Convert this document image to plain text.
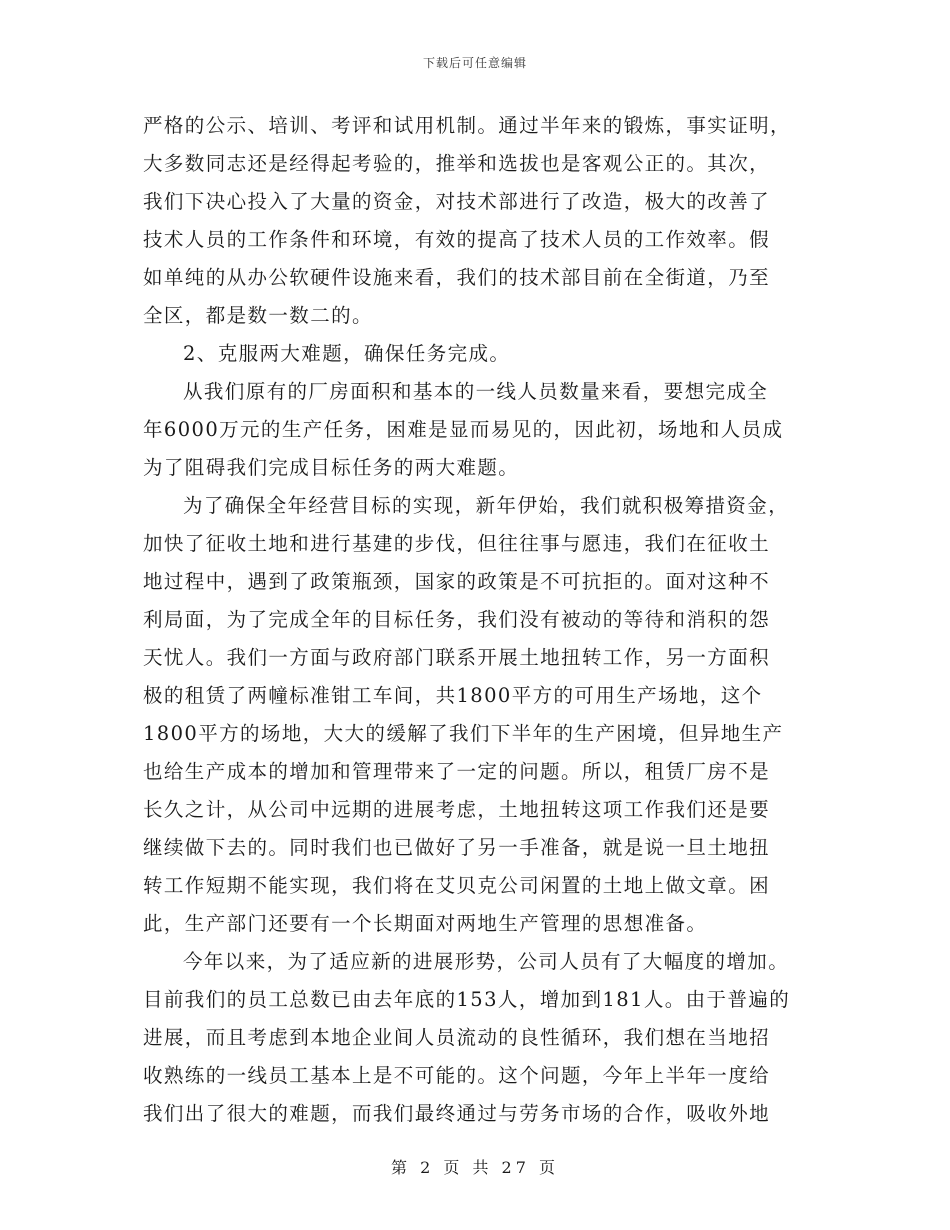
下载后可任意编辑
严格的公示、培训、考评和试用机制。通过半年来的锻炼，事实证明，
大多数同志还是经得起考验的，推举和选拔也是客观公正的。其次，
我们下决心投入了大量的资金，对技术部进行了改造，极大的改善了
技术人员的工作条件和环境，有效的提高了技术人员的工作效率。假
如单纯的从办公软硬件设施来看，我们的技术部目前在全街道，乃至
全区，都是数一数二的。
2、克服两大难题，确保任务完成。
从我们原有的厂房面积和基本的一线人员数量来看，要想完成全
年6000万元的生产任务，困难是显而易见的，因此初，场地和人员成
为了阻碍我们完成目标任务的两大难题。
为了确保全年经营目标的实现，新年伊始，我们就积极筹措资金，
加快了征收土地和进行基建的步伐，但往往事与愿违，我们在征收土
地过程中，遇到了政策瓶颈，国家的政策是不可抗拒的。面对这种不
利局面，为了完成全年的目标任务，我们没有被动的等待和消积的怨
天忧人。我们一方面与政府部门联系开展土地扭转工作，另一方面积
极的租赁了两幢标准钳工车间，共1800平方的可用生产场地，这个
1800平方的场地，大大的缓解了我们下半年的生产困境，但异地生产
也给生产成本的增加和管理带来了一定的问题。所以，租赁厂房不是
长久之计，从公司中远期的进展考虑，土地扭转这项工作我们还是要
继续做下去的。同时我们也已做好了另一手准备，就是说一旦土地扭
转工作短期不能实现，我们将在艾贝克公司闲置的土地上做文章。困
此，生产部门还要有一个长期面对两地生产管理的思想准备。
今年以来，为了适应新的进展形势，公司人员有了大幅度的增加。
目前我们的员工总数已由去年底的153人，增加到181人。由于普遍的
进展，而且考虑到本地企业间人员流动的良性循环，我们想在当地招
收熟练的一线员工基本上是不可能的。这个问题，今年上半年一度给
我们出了很大的难题，而我们最终通过与劳务市场的合作，吸收外地
第 2 页 共 27 页
